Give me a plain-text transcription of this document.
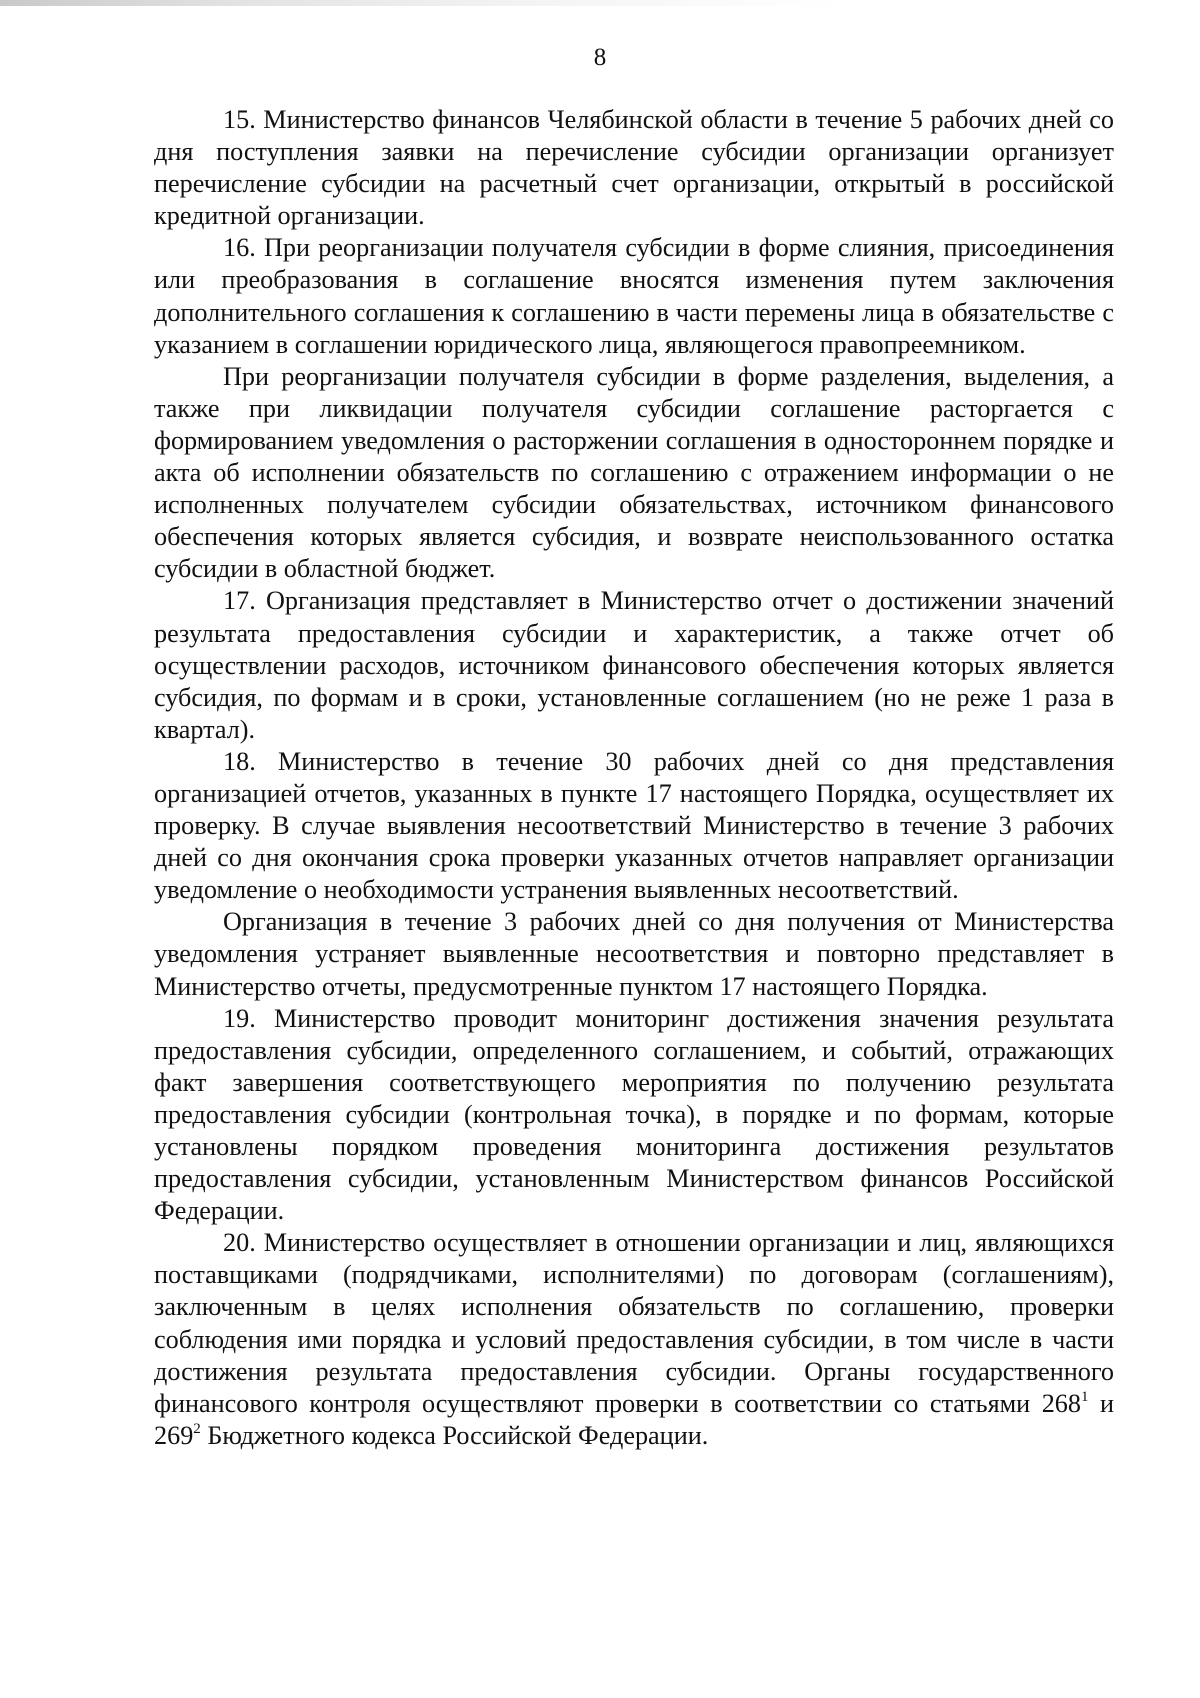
8

15. Министерство финансов Челябинской области в течение 5 рабочих дней со дня поступления заявки на перечисление субсидии организации организует перечисление субсидии на расчетный счет организации, открытый в российской кредитной организации.

16. При реорганизации получателя субсидии в форме слияния, присоединения или преобразования в соглашение вносятся изменения путем заключения дополнительного соглашения к соглашению в части перемены лица в обязательстве с указанием в соглашении юридического лица, являющегося правопреемником.

При реорганизации получателя субсидии в форме разделения, выделения, а также при ликвидации получателя субсидии соглашение расторгается с формированием уведомления о расторжении соглашения в одностороннем порядке и акта об исполнении обязательств по соглашению с отражением информации о не исполненных получателем субсидии обязательствах, источником финансового обеспечения которых является субсидия, и возврате неиспользованного остатка субсидии в областной бюджет.

17. Организация представляет в Министерство отчет о достижении значений результата предоставления субсидии и характеристик, а также отчет об осуществлении расходов, источником финансового обеспечения которых является субсидия, по формам и в сроки, установленные соглашением (но не реже 1 раза в квартал).

18. Министерство в течение 30 рабочих дней со дня представления организацией отчетов, указанных в пункте 17 настоящего Порядка, осуществляет их проверку. В случае выявления несоответствий Министерство в течение 3 рабочих дней со дня окончания срока проверки указанных отчетов направляет организации уведомление о необходимости устранения выявленных несоответствий.

Организация в течение 3 рабочих дней со дня получения от Министерства уведомления устраняет выявленные несоответствия и повторно представляет в Министерство отчеты, предусмотренные пунктом 17 настоящего Порядка.

19. Министерство проводит мониторинг достижения значения результата предоставления субсидии, определенного соглашением, и событий, отражающих факт завершения соответствующего мероприятия по получению результата предоставления субсидии (контрольная точка), в порядке и по формам, которые установлены порядком проведения мониторинга достижения результатов предоставления субсидии, установленным Министерством финансов Российской Федерации.

20. Министерство осуществляет в отношении организации и лиц, являющихся поставщиками (подрядчиками, исполнителями) по договорам (соглашениям), заключенным в целях исполнения обязательств по соглашению, проверки соблюдения ими порядка и условий предоставления субсидии, в том числе в части достижения результата предоставления субсидии. Органы государственного финансового контроля осуществляют проверки в соответствии со статьями $268^1$ и $269^2$ Бюджетного кодекса Российской Федерации.
